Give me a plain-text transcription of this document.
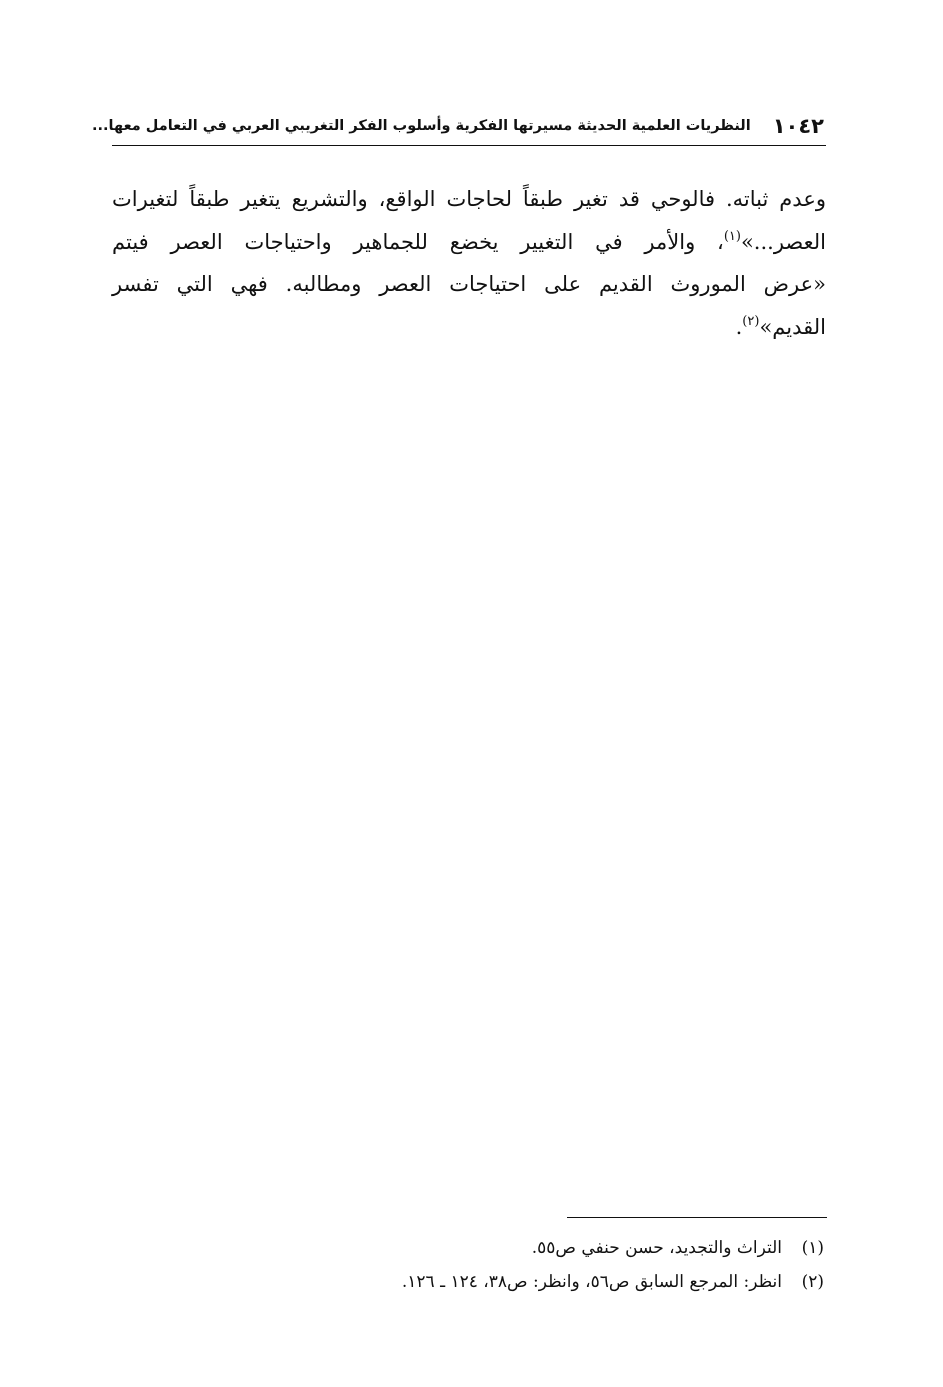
١٠٤٢
النظريات العلمية الحديثة مسيرتها الفكرية وأسلوب الفكر التغريبي العربي في التعامل معها...
وعدم ثباته. فالوحي قد تغير طبقاً لحاجات الواقع، والتشريع يتغير طبقاً لتغيرات
العصر...»$^{(١)}$، والأمر في التغيير يخضع للجماهير واحتياجات العصر فيتم
«عرض الموروث القديم على احتياجات العصر ومطالبه. فهي التي تفسر
القديم»$^{(٢)}$.
(١)
التراث والتجديد، حسن حنفي ص٥٥.
(٢)
انظر: المرجع السابق ص٥٦، وانظر: ص٣٨، ١٢٤ ـ ١٢٦.
